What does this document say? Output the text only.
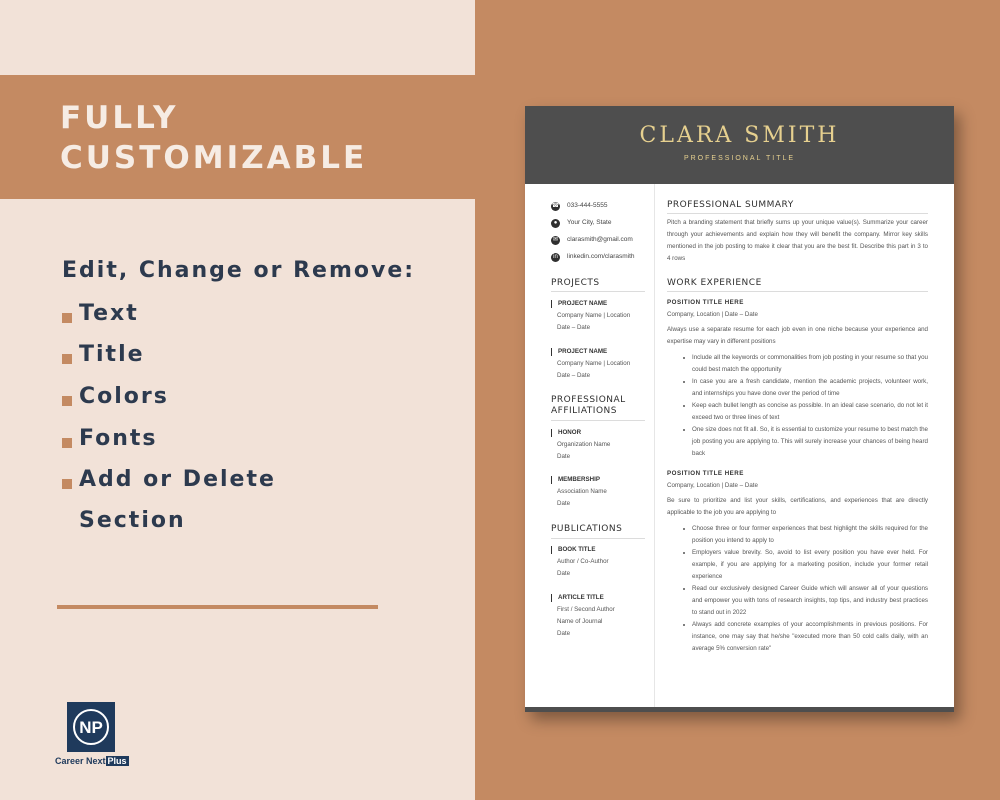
FULLY
CUSTOMIZABLE
Edit, Change or Remove:
Text
Title
Colors
Fonts
Add or Delete
Section
NP
Career Next Plus
CLARA SMITH
PROFESSIONAL TITLE
☎ 033-444-5555
●	Your City, State
✉	clarasmith@gmail.com
in	linkedin.com/clarasmith
PROJECTS
PROJECT NAME
Company Name | Location
Date – Date
PROJECT NAME
Company Name | Location
Date – Date
PROFESSIONAL
AFFILIATIONS
HONOR
Organization Name
Date
MEMBERSHIP
Association Name
Date
PUBLICATIONS
BOOK TITLE
Author / Co-Author
Date
ARTICLE TITLE
First / Second Author
Name of Journal
Date
PROFESSIONAL SUMMARY
Pitch a branding statement that briefly sums up your unique value(s). Summarize your career through your achievements and explain how they will benefit the company. Mirror key skills mentioned in the job posting to make it clear that you are the best fit. Describe this part in 3 to 4 rows
WORK EXPERIENCE
POSITION TITLE HERE
Company, Location | Date – Date
Always use a separate resume for each job even in one niche because your experience and expertise may vary in different positions
Include all the keywords or commonalities from job posting in your resume so that you could best match the opportunity
In case you are a fresh candidate, mention the academic projects, volunteer work, and internships you have done over the period of time
Keep each bullet length as concise as possible. In an ideal case scenario, do not let it exceed two or three lines of text
One size does not fit all. So, it is essential to customize your resume to best match the job posting you are applying to. This will surely increase your chances of being heard back
POSITION TITLE HERE
Company, Location | Date – Date
Be sure to prioritize and list your skills, certifications, and experiences that are directly applicable to the job you are applying to
Choose three or four former experiences that best highlight the skills required for the position you intend to apply to
Employers value brevity. So, avoid to list every position you have ever held. For example, if you are applying for a marketing position, include your former retail experience
Read our exclusively designed Career Guide which will answer all of your questions and empower you with tons of research insights, top tips, and industry best practices to stand out in 2022
Always add concrete examples of your accomplishments in previous positions. For instance, one may say that he/she "executed more than 50 cold calls daily, with an average 5% conversion rate"
